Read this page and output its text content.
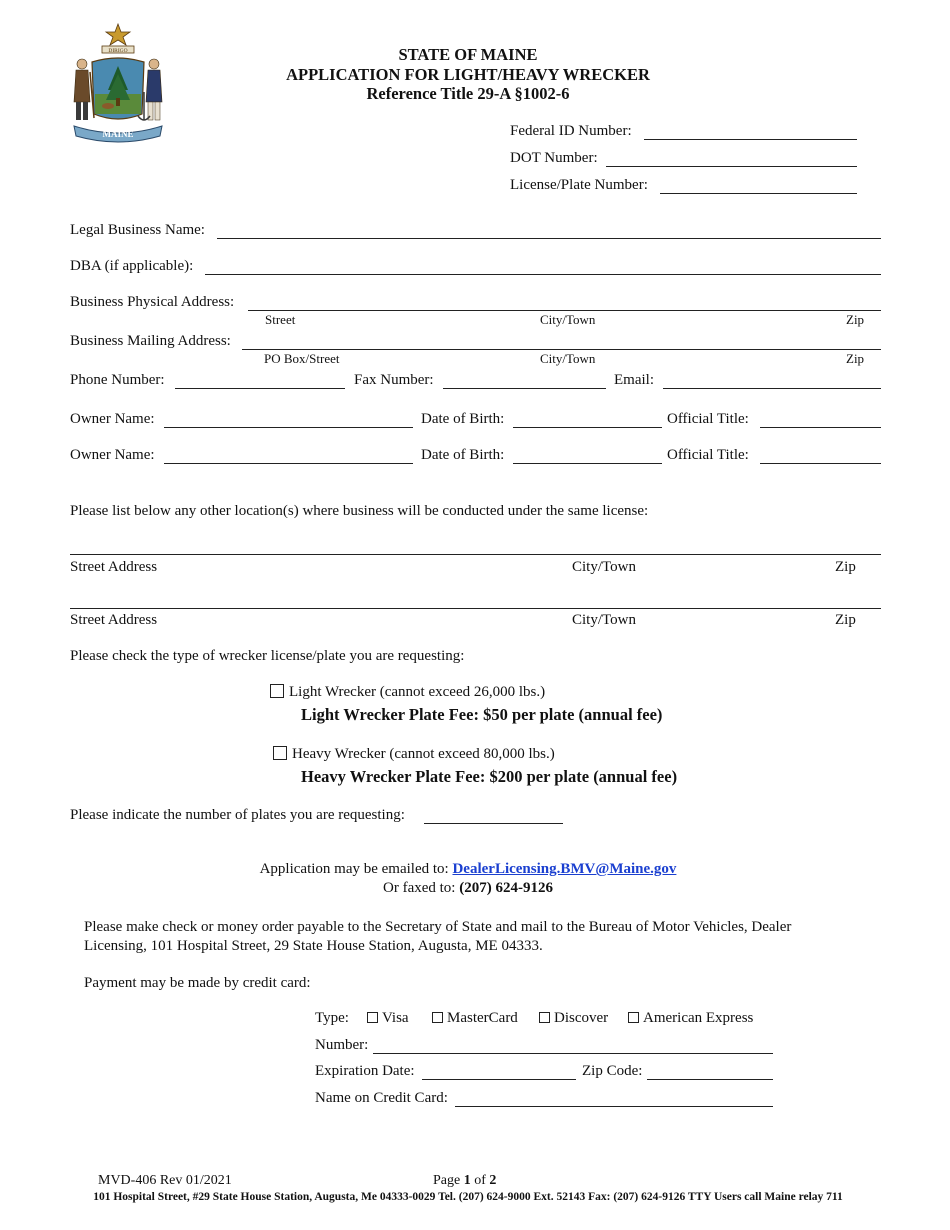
DIRIGO
MAINE
STATE OF MAINE
APPLICATION FOR LIGHT/HEAVY WRECKER
Reference Title 29-A §1002-6
Federal ID Number:
DOT Number:
License/Plate Number:
Legal Business Name:
DBA (if applicable):
Business Physical Address:
Street	City/Town	Zip
Business Mailing Address:
PO Box/Street	City/Town	Zip
Phone Number:	Fax Number:	Email:
Owner Name:	Date of Birth:	Official Title:
Owner Name:	Date of Birth:	Official Title:
Please list below any other location(s) where business will be conducted under the same license:
Street Address	City/Town	Zip
Street Address	City/Town	Zip
Please check the type of wrecker license/plate you are requesting:
Light Wrecker (cannot exceed 26,000 lbs.)
Light Wrecker Plate Fee: $50 per plate (annual fee)
Heavy Wrecker (cannot exceed 80,000 lbs.)
Heavy Wrecker Plate Fee: $200 per plate (annual fee)
Please indicate the number of plates you are requesting:
Application may be emailed to: DealerLicensing.BMV@Maine.gov
Or faxed to: (207) 624-9126
Please make check or money order payable to the Secretary of State and mail to the Bureau of Motor Vehicles, Dealer
Licensing, 101 Hospital Street, 29 State House Station, Augusta, ME 04333.
Payment may be made by credit card:
Type:	Visa	MasterCard	Discover	American Express
Number:
Expiration Date:	Zip Code:
Name on Credit Card:
MVD-406 Rev 01/2021	Page 1 of 2
101 Hospital Street, #29 State House Station, Augusta, Me 04333-0029 Tel. (207) 624-9000 Ext. 52143 Fax: (207) 624-9126 TTY Users call Maine relay 711
